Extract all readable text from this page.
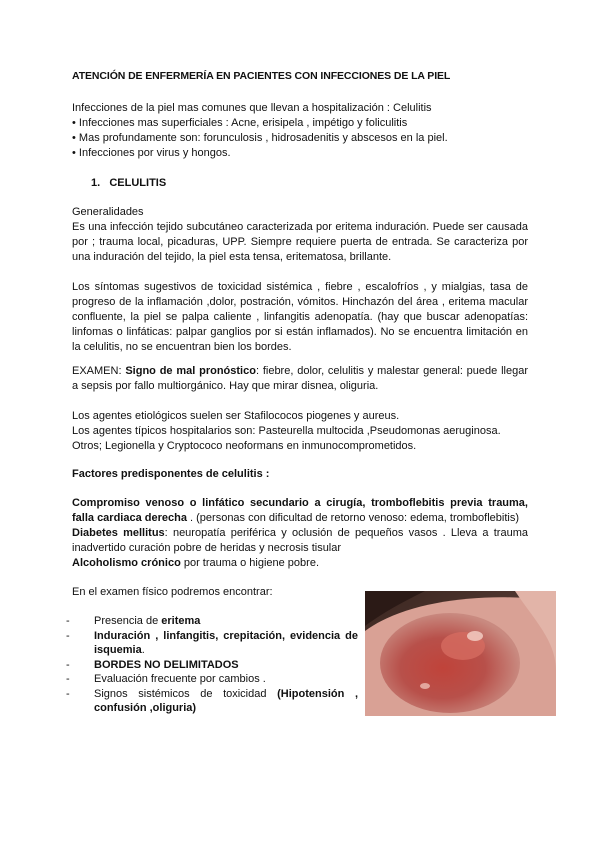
ATENCIÓN DE ENFERMERÍA EN PACIENTES CON INFECCIONES DE LA PIEL
Infecciones de la piel mas comunes que llevan a hospitalización : Celulitis
• Infecciones mas superficiales : Acne, erisipela , impétigo y foliculitis
• Mas profundamente son: forunculosis , hidrosadenitis y abscesos en la piel.
• Infecciones por virus y hongos.
1. CELULITIS
Generalidades
Es una infección tejido subcutáneo caracterizada por eritema induración. Puede ser causada por ; trauma local, picaduras, UPP. Siempre requiere puerta de entrada. Se caracteriza por una induración del tejido, la piel esta tensa, eritematosa, brillante.
Los síntomas sugestivos de toxicidad sistémica , fiebre , escalofríos , y mialgias, tasa de progreso de la inflamación ,dolor, postración, vómitos. Hinchazón del área , eritema macular confluente, la piel se palpa caliente , linfangitis adenopatía. (hay que buscar adenopatías: linfomas o linfáticas: palpar ganglios por si están inflamados). No se encuentra limitación en la celulitis, no se encuentran bien los bordes.
EXAMEN: Signo de mal pronóstico: fiebre, dolor, celulitis y malestar general: puede llegar a sepsis por fallo multiorgánico. Hay que mirar disnea, oliguria.
Los agentes etiológicos suelen ser Stafilococos piogenes y aureus.
Los agentes típicos hospitalarios son: Pasteurella multocida ,Pseudomonas aeruginosa.
Otros; Legionella y Cryptococo neoformans en inmunocomprometidos.
Factores predisponentes de celulitis :
Compromiso venoso o linfático secundario a cirugía, tromboflebitis previa trauma, falla cardiaca derecha . (personas con dificultad de retorno venoso: edema, tromboflebitis)
Diabetes mellitus: neuropatía periférica y oclusión de pequeños vasos . Lleva a trauma inadvertido curación pobre de heridas y necrosis tisular
Alcoholismo crónico por trauma o higiene pobre.
En el examen físico podremos encontrar:
- Presencia de eritema
- Induración , linfangitis, crepitación, evidencia de isquemia.
- BORDES NO DELIMITADOS
- Evaluación frecuente por cambios .
- Signos sistémicos de toxicidad (Hipotensión , confusión ,oliguria)
